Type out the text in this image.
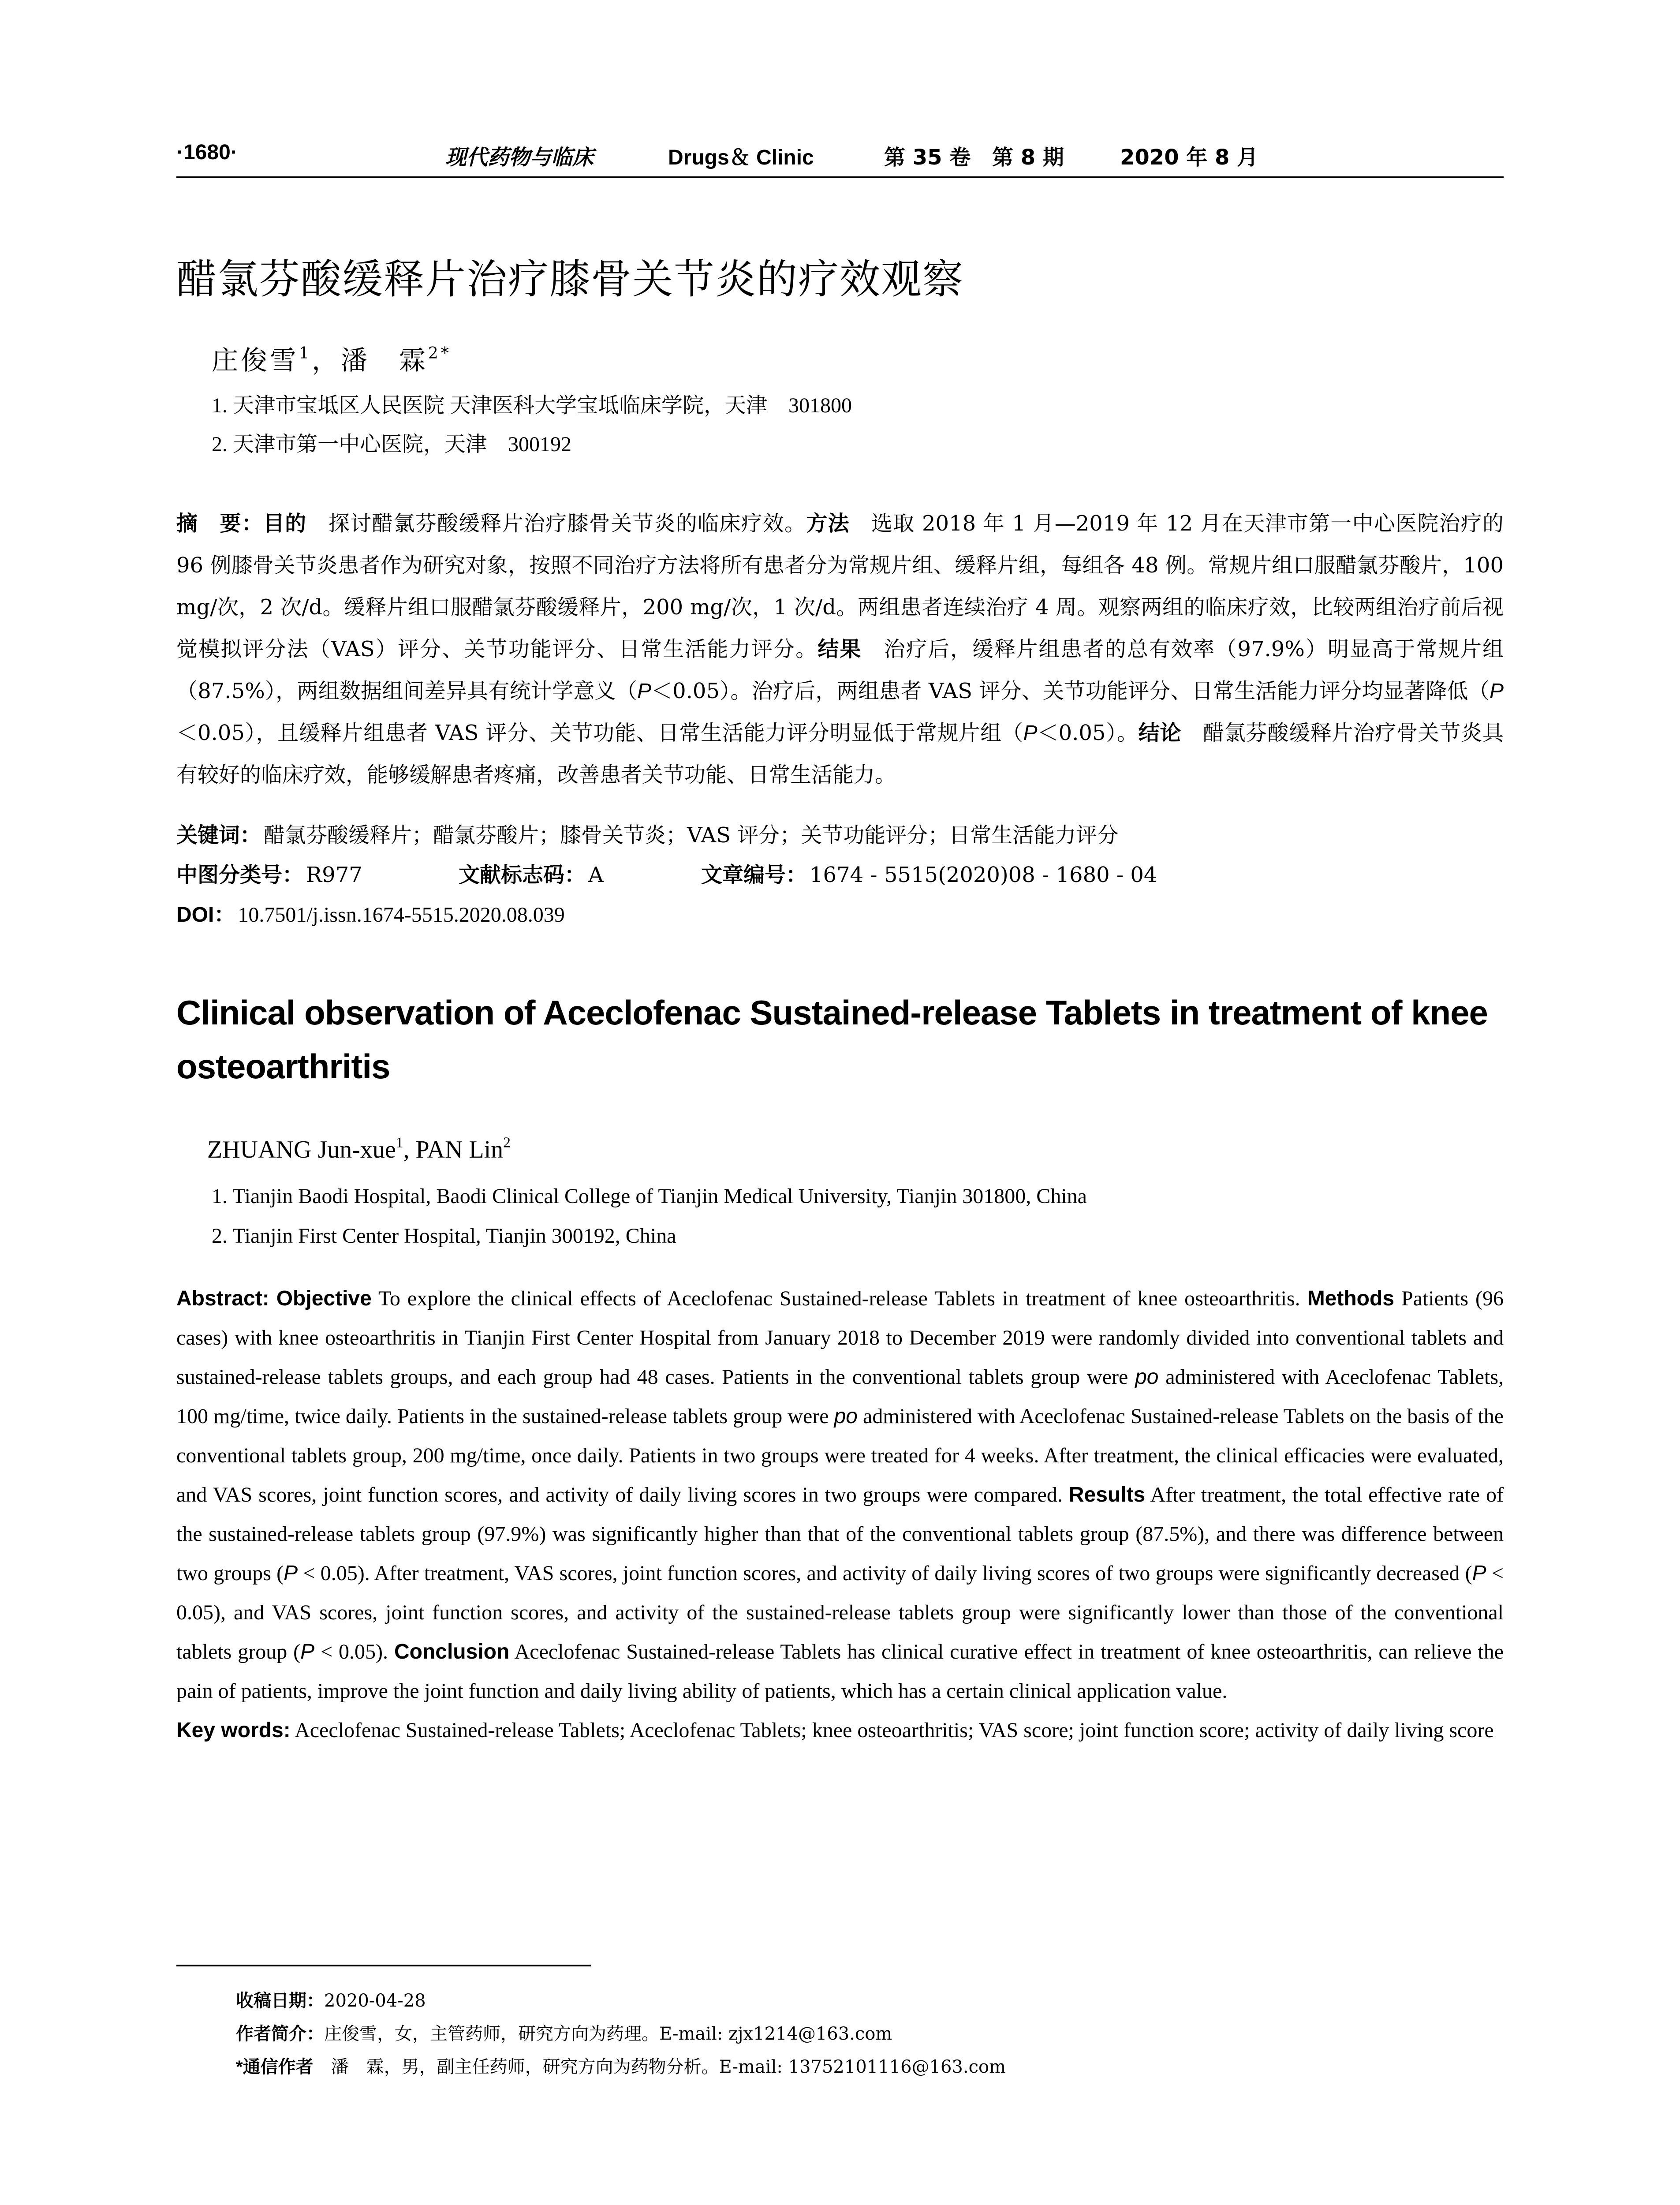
·1680·	现代药物与临床	Drugs＆ Clinic	第 35 卷 第 8 期	2020 年 8 月
醋氯芬酸缓释片治疗膝骨关节炎的疗效观察
庄俊雪$^1$，潘　霖$^{2*}$
1. 天津市宝坻区人民医院 天津医科大学宝坻临床学院，天津　301800
2. 天津市第一中心医院，天津　300192
摘　要：目的　探讨醋氯芬酸缓释片治疗膝骨关节炎的临床疗效。方法　选取 2018 年 1 月—2019 年 12 月在天津市第一中心医院治疗的 96 例膝骨关节炎患者作为研究对象，按照不同治疗方法将所有患者分为常规片组、缓释片组，每组各 48 例。常规片组口服醋氯芬酸片，100 mg/次，2 次/d。缓释片组口服醋氯芬酸缓释片，200 mg/次，1 次/d。两组患者连续治疗 4 周。观察两组的临床疗效，比较两组治疗前后视觉模拟评分法（VAS）评分、关节功能评分、日常生活能力评分。结果　治疗后，缓释片组患者的总有效率（97.9%）明显高于常规片组（87.5%），两组数据组间差异具有统计学意义（P＜0.05）。治疗后，两组患者 VAS 评分、关节功能评分、日常生活能力评分均显著降低（P＜0.05），且缓释片组患者 VAS 评分、关节功能、日常生活能力评分明显低于常规片组（P＜0.05）。结论　醋氯芬酸缓释片治疗骨关节炎具有较好的临床疗效，能够缓解患者疼痛，改善患者关节功能、日常生活能力。
关键词： 醋氯芬酸缓释片；醋氯芬酸片；膝骨关节炎；VAS 评分；关节功能评分；日常生活能力评分
中图分类号： R977	文献标志码： A	文章编号： 1674 - 5515(2020)08 - 1680 - 04
DOI： 10.7501/j.issn.1674-5515.2020.08.039
Clinical observation of Aceclofenac Sustained-release Tablets in treatment of knee osteoarthritis
ZHUANG Jun-xue$^1$, PAN Lin$^2$
1. Tianjin Baodi Hospital, Baodi Clinical College of Tianjin Medical University, Tianjin 301800, China
2. Tianjin First Center Hospital, Tianjin 300192, China
Abstract: Objective To explore the clinical effects of Aceclofenac Sustained-release Tablets in treatment of knee osteoarthritis. Methods Patients (96 cases) with knee osteoarthritis in Tianjin First Center Hospital from January 2018 to December 2019 were randomly divided into conventional tablets and sustained-release tablets groups, and each group had 48 cases. Patients in the conventional tablets group were po administered with Aceclofenac Tablets, 100 mg/time, twice daily. Patients in the sustained-release tablets group were po administered with Aceclofenac Sustained-release Tablets on the basis of the conventional tablets group, 200 mg/time, once daily. Patients in two groups were treated for 4 weeks. After treatment, the clinical efficacies were evaluated, and VAS scores, joint function scores, and activity of daily living scores in two groups were compared. Results After treatment, the total effective rate of the sustained-release tablets group (97.9%) was significantly higher than that of the conventional tablets group (87.5%), and there was difference between two groups (P < 0.05). After treatment, VAS scores, joint function scores, and activity of daily living scores of two groups were significantly decreased (P < 0.05), and VAS scores, joint function scores, and activity of the sustained-release tablets group were significantly lower than those of the conventional tablets group (P < 0.05). Conclusion Aceclofenac Sustained-release Tablets has clinical curative effect in treatment of knee osteoarthritis, can relieve the pain of patients, improve the joint function and daily living ability of patients, which has a certain clinical application value.
Key words: Aceclofenac Sustained-release Tablets; Aceclofenac Tablets; knee osteoarthritis; VAS score; joint function score; activity of daily living score
收稿日期：2020-04-28
作者简介：庄俊雪，女，主管药师，研究方向为药理。E-mail: zjx1214@163.com
*通信作者　潘　霖，男，副主任药师，研究方向为药物分析。E-mail: 13752101116@163.com
